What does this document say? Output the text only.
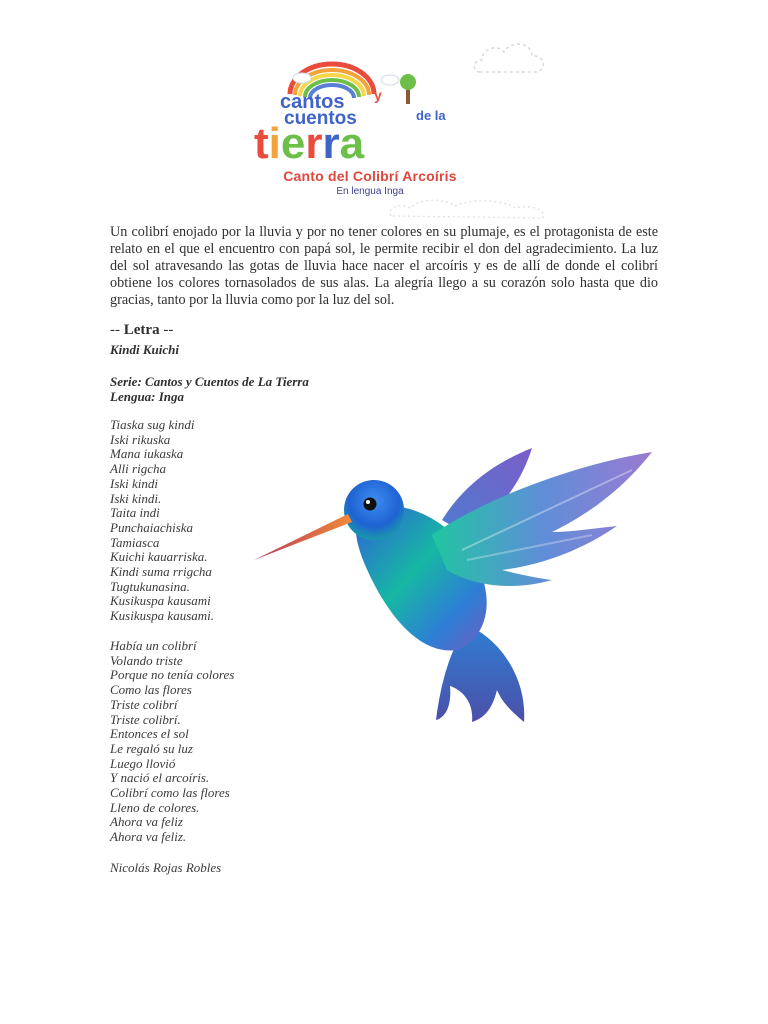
cantos y
cuentos	de la
tierra
Canto del Colibrí Arcoíris
En lengua Inga

Un colibrí enojado por la lluvia y por no tener colores en su plumaje, es el protagonista de este relato en el que el encuentro con papá sol, le permite recibir el don del agradecimiento. La luz del sol atravesando las gotas de lluvia hace nacer el arcoíris y es de allí de donde el colibrí obtiene los colores tornasolados de sus alas. La alegría llego a su corazón solo hasta que dio gracias, tanto por la lluvia como por la luz del sol.

-- Letra --
Kindi Kuichi
Serie: Cantos y Cuentos de La Tierra
Lengua: Inga
Tiaska sug kindi
Iski rikuska
Mana iukaska
Alli rigcha
Iski kindi
Iski kindi.
Taita indi
Punchaiachiska
Tamiasca
Kuichi kauarriska.
Kindi suma rrigcha
Tugtukunasina.
Kusikuspa kausami
Kusikuspa kausami.
Había un colibrí
Volando triste
Porque no tenía colores
Como las flores
Triste colibrí
Triste colibrí.
Entonces el sol
Le regaló su luz
Luego llovió
Y nació el arcoíris.
Colibrí como las flores
Lleno de colores.
Ahora va feliz
Ahora va feliz.
Nicolás Rojas Robles
